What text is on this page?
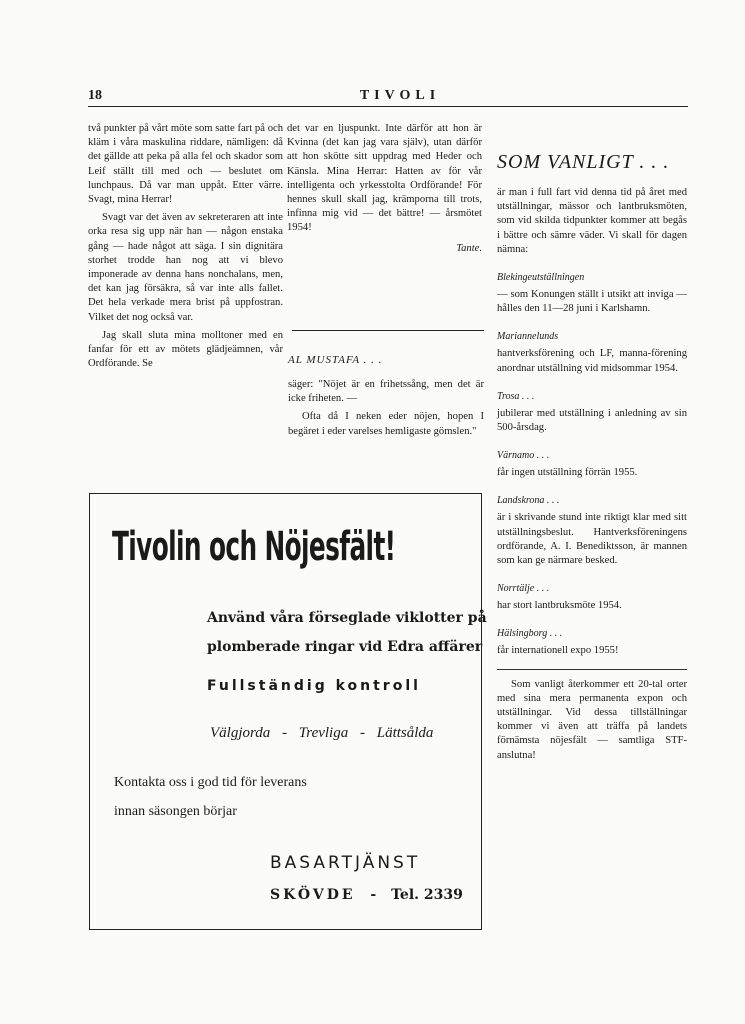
18	TIVOLI

två punkter på vårt möte som satte fart på och kläm i våra maskulina riddare, nämligen: då det gällde att peka på alla fel och skador som Leif ställt till med och — beslutet om lunchpaus. Då var man uppåt. Etter värre. Svagt, mina Herrar!

Svagt var det även av sekreteraren att inte orka resa sig upp när han — någon enstaka gång — hade något att säga. I sin dignitära storhet trodde han nog att vi blevo imponerade av denna hans nonchalans, men, det kan jag försäkra, så var inte alls fallet. Det hela verkade mera brist på uppfostran. Vilket det nog också var.

Jag skall sluta mina molltoner med en fanfar för ett av mötets glädjeämnen, vår Ordförande. Se

det var en ljuspunkt. Inte därför att hon är Kvinna (det kan jag vara själv), utan därför att hon skötte sitt uppdrag med Heder och Känsla. Mina Herrar: Hatten av för vår intelligenta och yrkesstolta Ordförande! För hennes skull skall jag, krämporna till trots, infinna mig vid — det bättre! — årsmötet 1954!

Tante.

AL MUSTAFA . . .

säger: "Nöjet är en frihetssång, men det är icke friheten. —

Ofta då I neken eder nöjen, hopen I begäret i eder varelses hemligaste gömslen."

SOM VANLIGT . . .

är man i full fart vid denna tid på året med utställningar, mässor och lantbruksmöten, som vid skilda tidpunkter kommer att begås i bättre och sämre väder. Vi skall för dagen nämna:

Blekingeutställningen

— som Konungen ställt i utsikt att inviga — hålles den 11—28 juni i Karlshamn.

Mariannelunds

hantverksförening och LF, manna-förening anordnar utställning vid midsommar 1954.

Trosa . . .

jubilerar med utställning i anledning av sin 500-årsdag.

Värnamo . . .

får ingen utställning förrän 1955.

Landskrona . . .

är i skrivande stund inte riktigt klar med sitt utställningsbeslut. Hantverksföreningens ordförande, A. I. Benediktsson, är mannen som kan ge närmare besked.

Norrtälje . . .

har stort lantbruksmöte 1954.

Hälsingborg . . .

får internationell expo 1955!

Som vanligt återkommer ett 20-tal orter med sina mera permanenta expon och utställningar. Vid dessa tillställningar kommer vi även att träffa på landets förnämsta nöjesfält — samtliga STF-anslutna!

Tivolin och Nöjesfält!
Använd våra förseglade viklotter på
plomberade ringar vid Edra affärer
Fullständig kontroll
Välgjorda - Trevliga - Lättsålda
Kontakta oss i god tid för leverans
innan säsongen börjar
BASARTJÄNST
SKÖVDE - Tel. 2339
